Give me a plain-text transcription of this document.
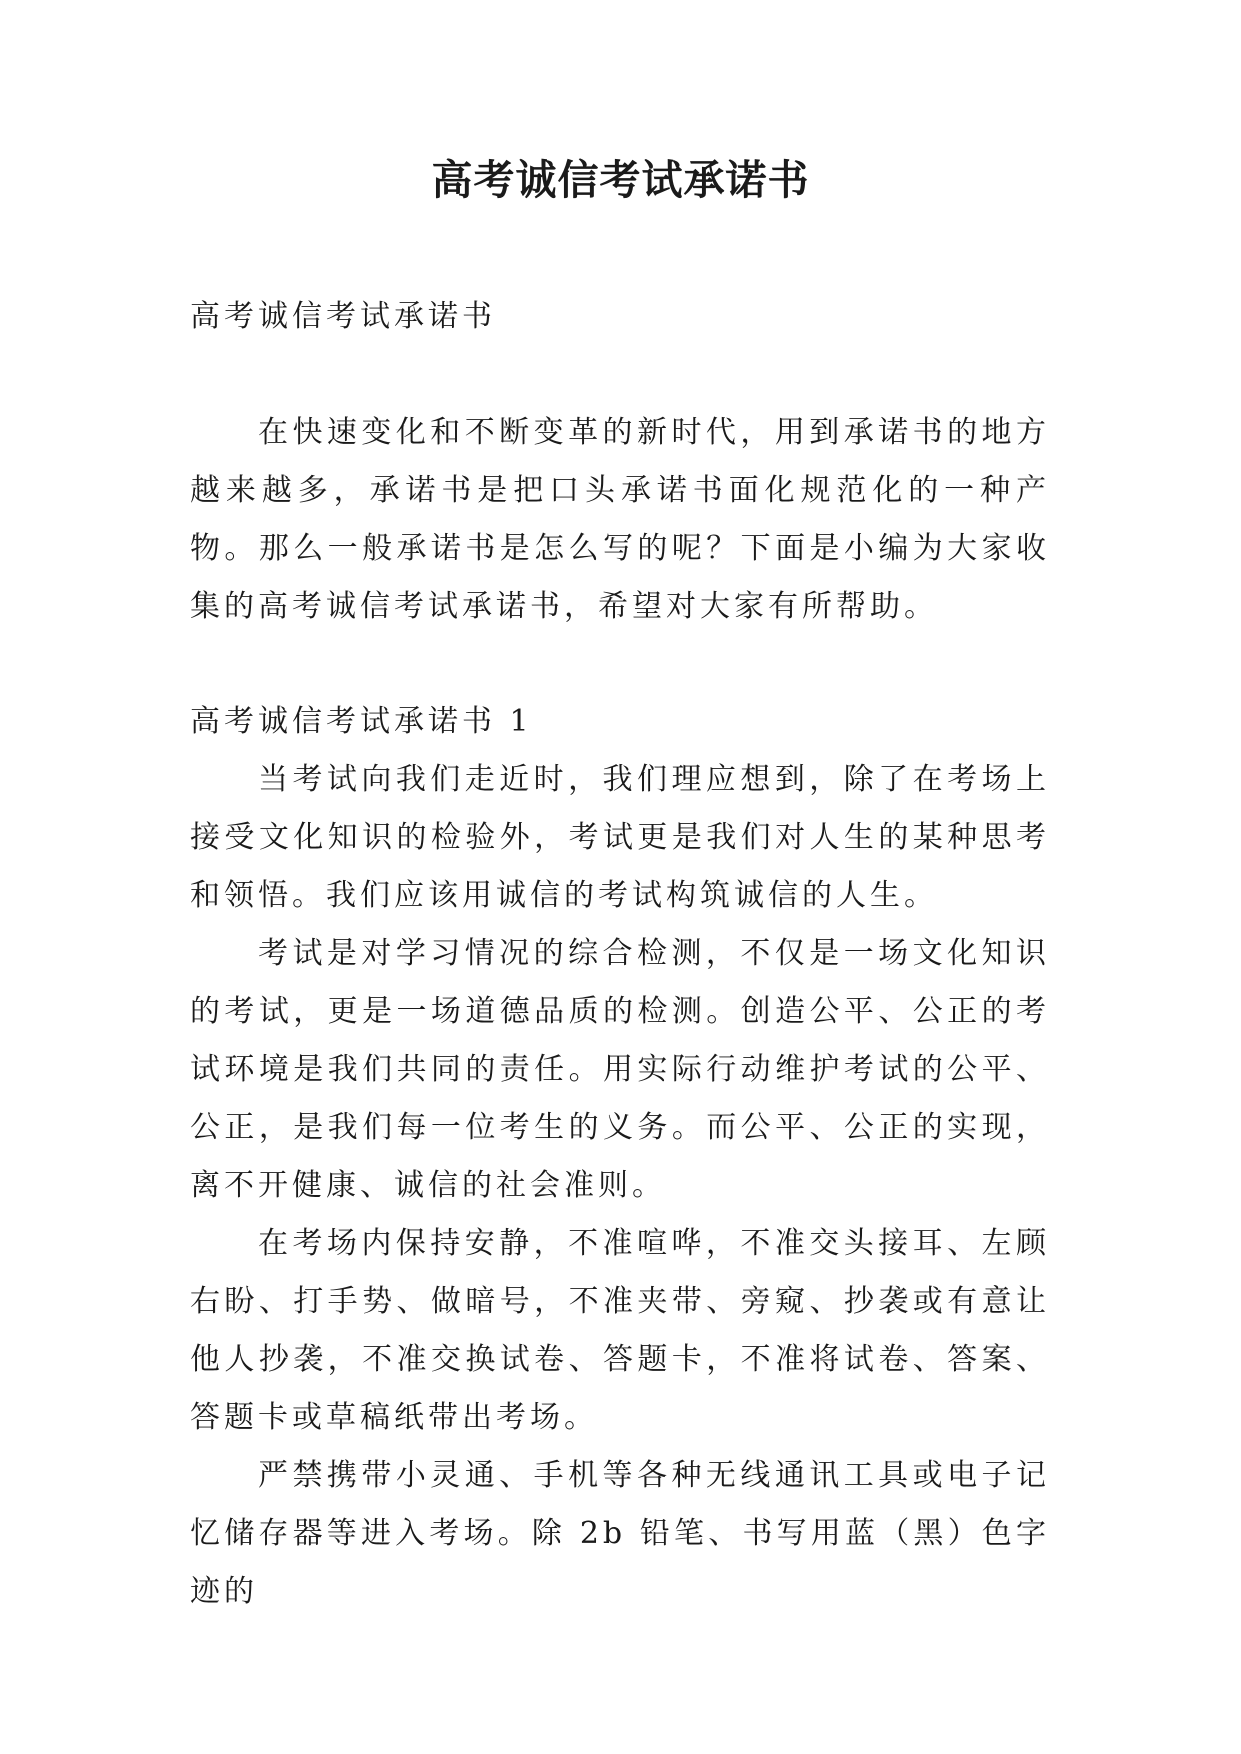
高考诚信考试承诺书

高考诚信考试承诺书

在快速变化和不断变革的新时代，用到承诺书的地方越来越多，承诺书是把口头承诺书面化规范化的一种产物。那么一般承诺书是怎么写的呢？下面是小编为大家收集的高考诚信考试承诺书，希望对大家有所帮助。

高考诚信考试承诺书 1

当考试向我们走近时，我们理应想到，除了在考场上接受文化知识的检验外，考试更是我们对人生的某种思考和领悟。我们应该用诚信的考试构筑诚信的人生。

考试是对学习情况的综合检测，不仅是一场文化知识的考试，更是一场道德品质的检测。创造公平、公正的考试环境是我们共同的责任。用实际行动维护考试的公平、公正，是我们每一位考生的义务。而公平、公正的实现，离不开健康、诚信的社会准则。

在考场内保持安静，不准喧哗，不准交头接耳、左顾右盼、打手势、做暗号，不准夹带、旁窥、抄袭或有意让他人抄袭，不准交换试卷、答题卡，不准将试卷、答案、答题卡或草稿纸带出考场。

严禁携带小灵通、手机等各种无线通讯工具或电子记忆储存器等进入考场。除 2b 铅笔、书写用蓝（黑）色字迹的
